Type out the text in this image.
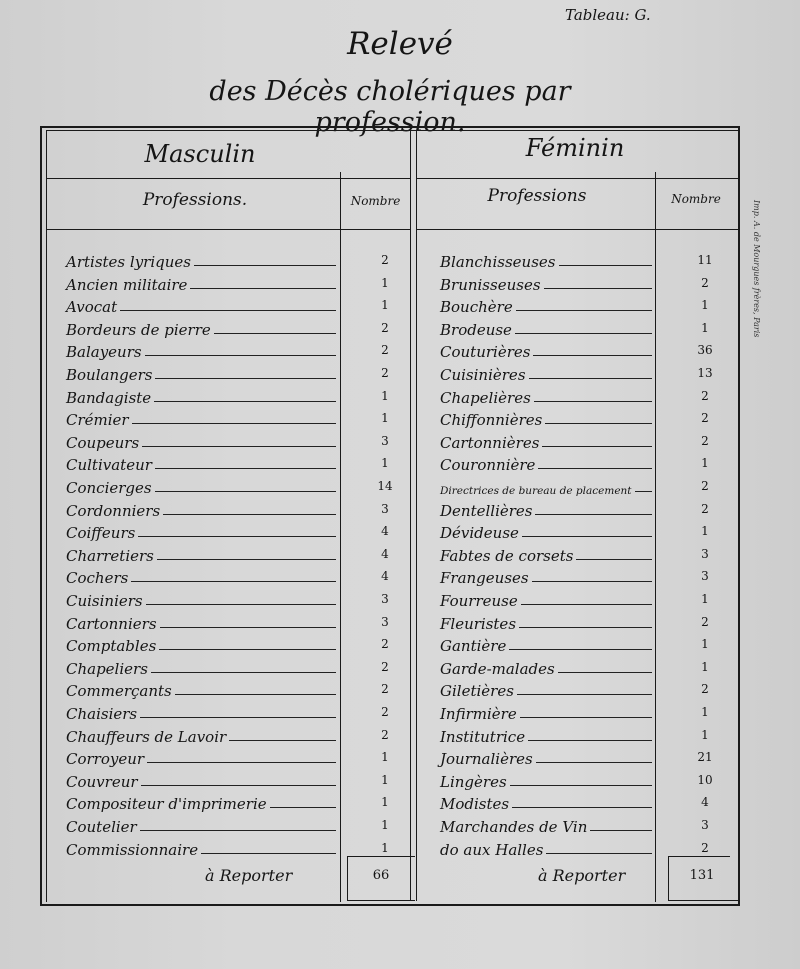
Tableau: G.
Relevé
des Décès cholériques par profession.
Imp. A. de Mourgues frères, Paris
Masculin	Féminin
Professions.	Nombre	Professions	Nombre
Artistes lyriques	2
Ancien militaire	1
Avocat	1
Bordeurs de pierre	2
Balayeurs	2
Boulangers	2
Bandagiste	1
Crémier	1
Coupeurs	3
Cultivateur	1
Concierges	14
Cordonniers	3
Coiffeurs	4
Charretiers	4
Cochers	4
Cuisiniers	3
Cartonniers	3
Comptables	2
Chapeliers	2
Commerçants	2
Chaisiers	2
Chauffeurs de Lavoir	2
Corroyeur	1
Couvreur	1
Compositeur d'imprimerie	1
Coutelier	1
Commissionnaire	1
Blanchisseuses	11
Brunisseuses	2
Bouchère	1
Brodeuse	1
Couturières	36
Cuisinières	13
Chapelières	2
Chiffonnières	2
Cartonnières	2
Couronnière	1
Directrices de bureau de placement	2
Dentellières	2
Dévideuse	1
Fabtes de corsets	3
Frangeuses	3
Fourreuse	1
Fleuristes	2
Gantière	1
Garde-malades	1
Giletières	2
Infirmière	1
Institutrice	1
Journalières	21
Lingères	10
Modistes	4
Marchandes de Vin	3
do aux Halles	2
à Reporter	66	à Reporter	131
